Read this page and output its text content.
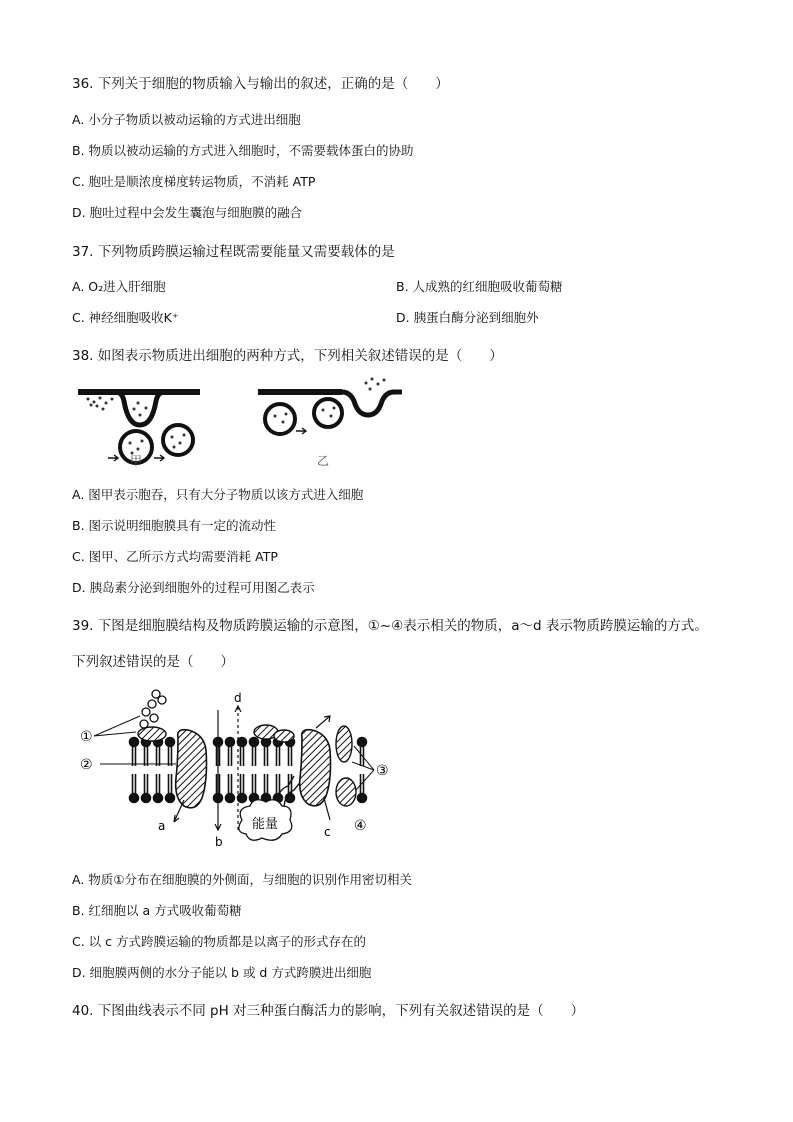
36. 下列关于细胞的物质输入与输出的叙述，正确的是（　　）
A. 小分子物质以被动运输的方式进出细胞
B. 物质以被动运输的方式进入细胞时，不需要载体蛋白的协助
C. 胞吐是顺浓度梯度转运物质，不消耗 ATP
D. 胞吐过程中会发生囊泡与细胞膜的融合
37. 下列物质跨膜运输过程既需要能量又需要载体的是
A. O₂进入肝细胞	B. 人成熟的红细胞吸收葡萄糖
C. 神经细胞吸收K⁺	D. 胰蛋白酶分泌到细胞外
38. 如图表示物质进出细胞的两种方式，下列相关叙述错误的是（　　）
甲	乙
A. 图甲表示胞吞，只有大分子物质以该方式进入细胞
B. 图示说明细胞膜具有一定的流动性
C. 图甲、乙所示方式均需要消耗 ATP
D. 胰岛素分泌到细胞外的过程可用图乙表示
39. 下图是细胞膜结构及物质跨膜运输的示意图，①~④表示相关的物质，a～d 表示物质跨膜运输的方式。
下列叙述错误的是（　　）
①
②	③
④
a
b
c
d
能量
A. 物质①分布在细胞膜的外侧面，与细胞的识别作用密切相关
B. 红细胞以 a 方式吸收葡萄糖
C. 以 c 方式跨膜运输的物质都是以离子的形式存在的
D. 细胞膜两侧的水分子能以 b 或 d 方式跨膜进出细胞
40. 下图曲线表示不同 pH 对三种蛋白酶活力的影响，下列有关叙述错误的是（　　）
